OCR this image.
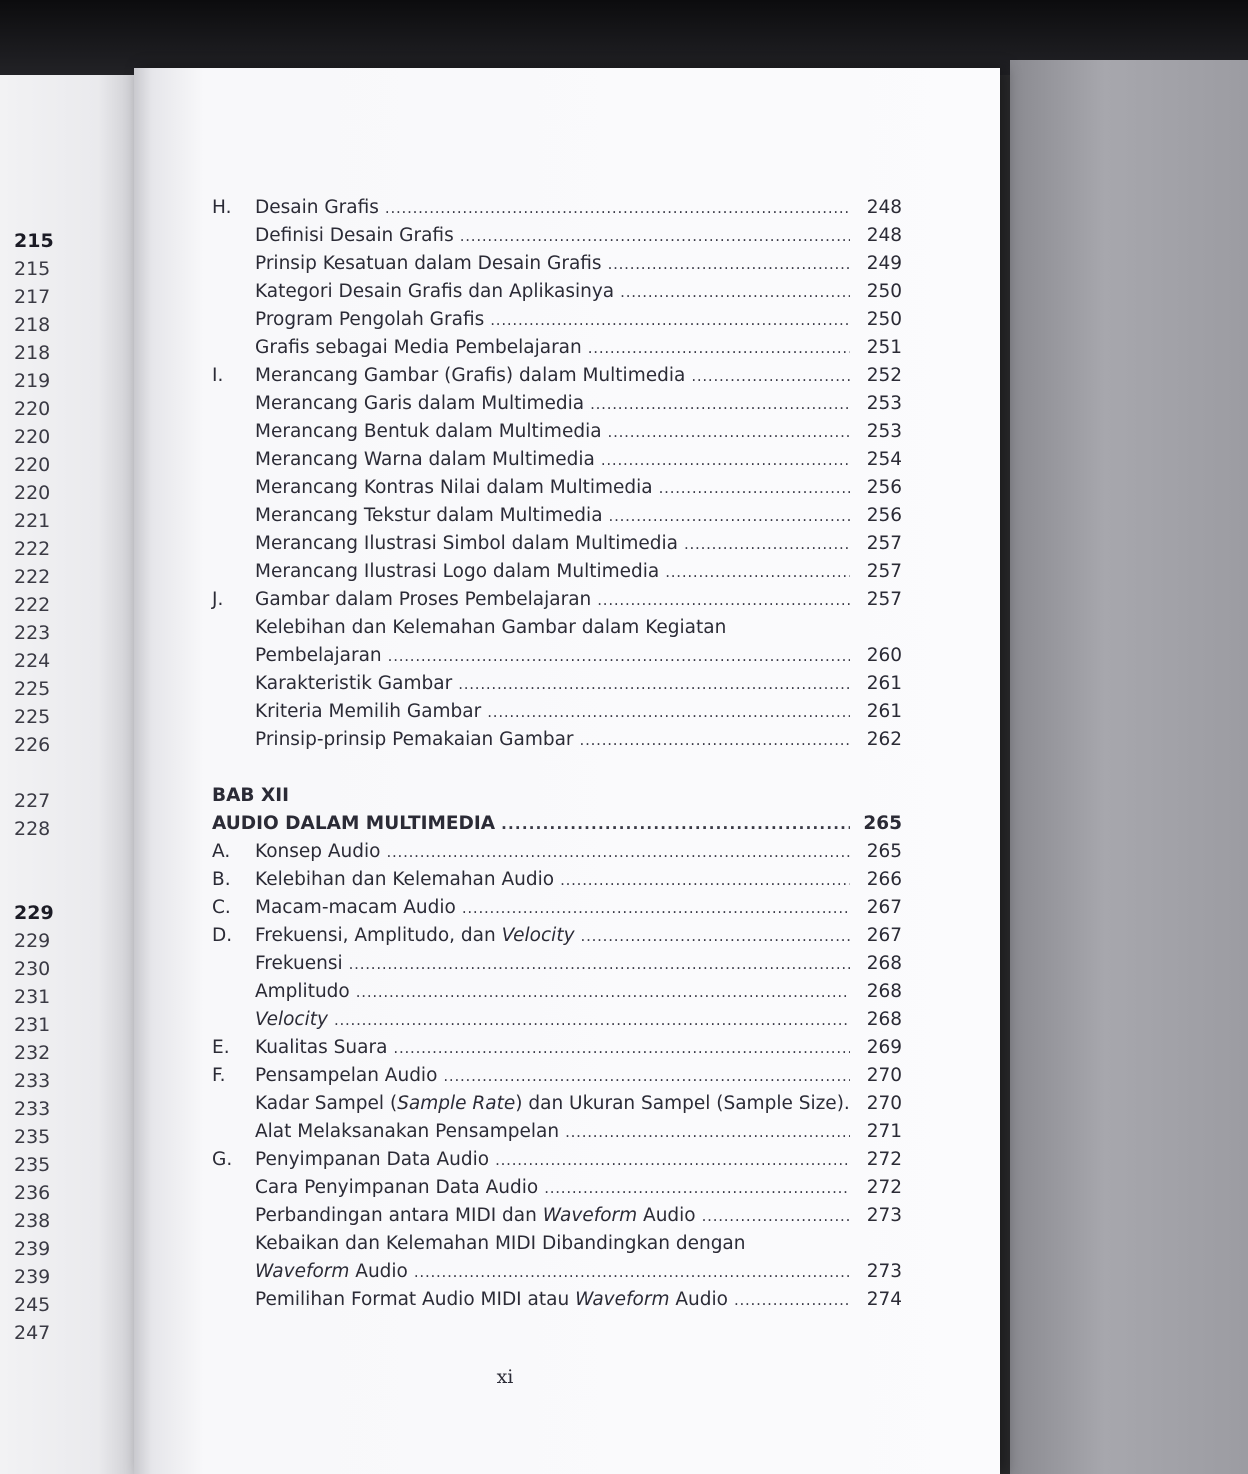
215
215
217
218
218
219
220
220
220
220
221
222
222
222
223
224
225
225
226
227
228
229
229
230
231
231
232
233
233
235
235
236
238
239
239
245
247
H. Desain Grafis . . .	248
Definisi Desain Grafis . . .	248
Prinsip Kesatuan dalam Desain Grafis . . .	249
Kategori Desain Grafis dan Aplikasinya . . .	250
Program Pengolah Grafis . . .	250
Grafis sebagai Media Pembelajaran . . .	251
I. Merancang Gambar (Grafis) dalam Multimedia . . .	252
Merancang Garis dalam Multimedia . . .	253
Merancang Bentuk dalam Multimedia . . .	253
Merancang Warna dalam Multimedia . . .	254
Merancang Kontras Nilai dalam Multimedia . . .	256
Merancang Tekstur dalam Multimedia . . .	256
Merancang Ilustrasi Simbol dalam Multimedia . . .	257
Merancang Ilustrasi Logo dalam Multimedia . . .	257
J. Gambar dalam Proses Pembelajaran . . .	257
Kelebihan dan Kelemahan Gambar dalam Kegiatan
Pembelajaran . . .	260
Karakteristik Gambar . . .	261
Kriteria Memilih Gambar . . .	261
Prinsip-prinsip Pemakaian Gambar . . .	262
BAB XII
AUDIO DALAM MULTIMEDIA . . .	265
A. Konsep Audio . . .	265
B. Kelebihan dan Kelemahan Audio . . .	266
C. Macam-macam Audio . . .	267
D. Frekuensi, Amplitudo, dan Velocity . . .	267
Frekuensi . . .	268
Amplitudo . . .	268
Velocity . . .	268
E. Kualitas Suara . . .	269
F. Pensampelan Audio . . .	270
Kadar Sampel (Sample Rate) dan Ukuran Sampel (Sample Size). 270
Alat Melaksanakan Pensampelan . . .	271
G. Penyimpanan Data Audio . . .	272
Cara Penyimpanan Data Audio . . .	272
Perbandingan antara MIDI dan Waveform Audio . . .	273
Kebaikan dan Kelemahan MIDI Dibandingkan dengan
Waveform Audio . . .	273
Pemilihan Format Audio MIDI atau Waveform Audio . . .	274
xi
